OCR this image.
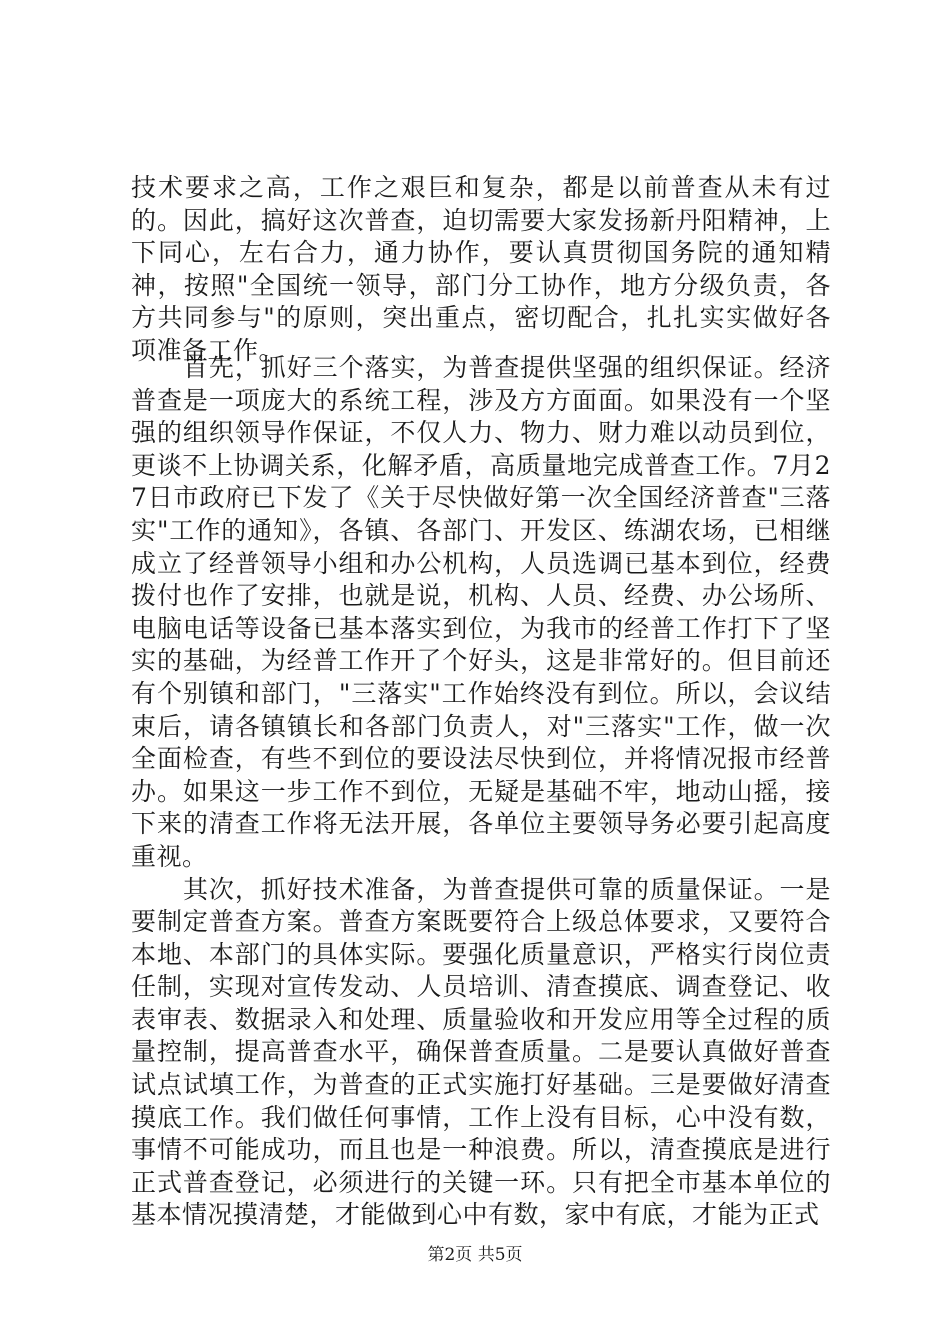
技术要求之高，工作之艰巨和复杂，都是以前普查从未有过的。因此，搞好这次普查，迫切需要大家发扬新丹阳精神，上下同心，左右合力，通力协作，要认真贯彻国务院的通知精神，按照"全国统一领导，部门分工协作，地方分级负责，各方共同参与"的原则，突出重点，密切配合，扎扎实实做好各项准备工作。

首先，抓好三个落实，为普查提供坚强的组织保证。经济普查是一项庞大的系统工程，涉及方方面面。如果没有一个坚强的组织领导作保证，不仅人力、物力、财力难以动员到位，更谈不上协调关系，化解矛盾，高质量地完成普查工作。7月27日市政府已下发了《关于尽快做好第一次全国经济普查"三落实"工作的通知》，各镇、各部门、开发区、练湖农场，已相继成立了经普领导小组和办公机构，人员选调已基本到位，经费拨付也作了安排，也就是说，机构、人员、经费、办公场所、电脑电话等设备已基本落实到位，为我市的经普工作打下了坚实的基础，为经普工作开了个好头，这是非常好的。但目前还有个别镇和部门，"三落实"工作始终没有到位。所以，会议结束后，请各镇镇长和各部门负责人，对"三落实"工作，做一次全面检查，有些不到位的要设法尽快到位，并将情况报市经普办。如果这一步工作不到位，无疑是基础不牢，地动山摇，接下来的清查工作将无法开展，各单位主要领导务必要引起高度重视。

其次，抓好技术准备，为普查提供可靠的质量保证。一是要制定普查方案。普查方案既要符合上级总体要求，又要符合本地、本部门的具体实际。要强化质量意识，严格实行岗位责任制，实现对宣传发动、人员培训、清查摸底、调查登记、收表审表、数据录入和处理、质量验收和开发应用等全过程的质量控制，提高普查水平，确保普查质量。二是要认真做好普查试点试填工作，为普查的正式实施打好基础。三是要做好清查摸底工作。我们做任何事情，工作上没有目标，心中没有数，事情不可能成功，而且也是一种浪费。所以，清查摸底是进行正式普查登记，必须进行的关键一环。只有把全市基本单位的基本情况摸清楚，才能做到心中有数，家中有底，才能为正式

第2页 共5页
